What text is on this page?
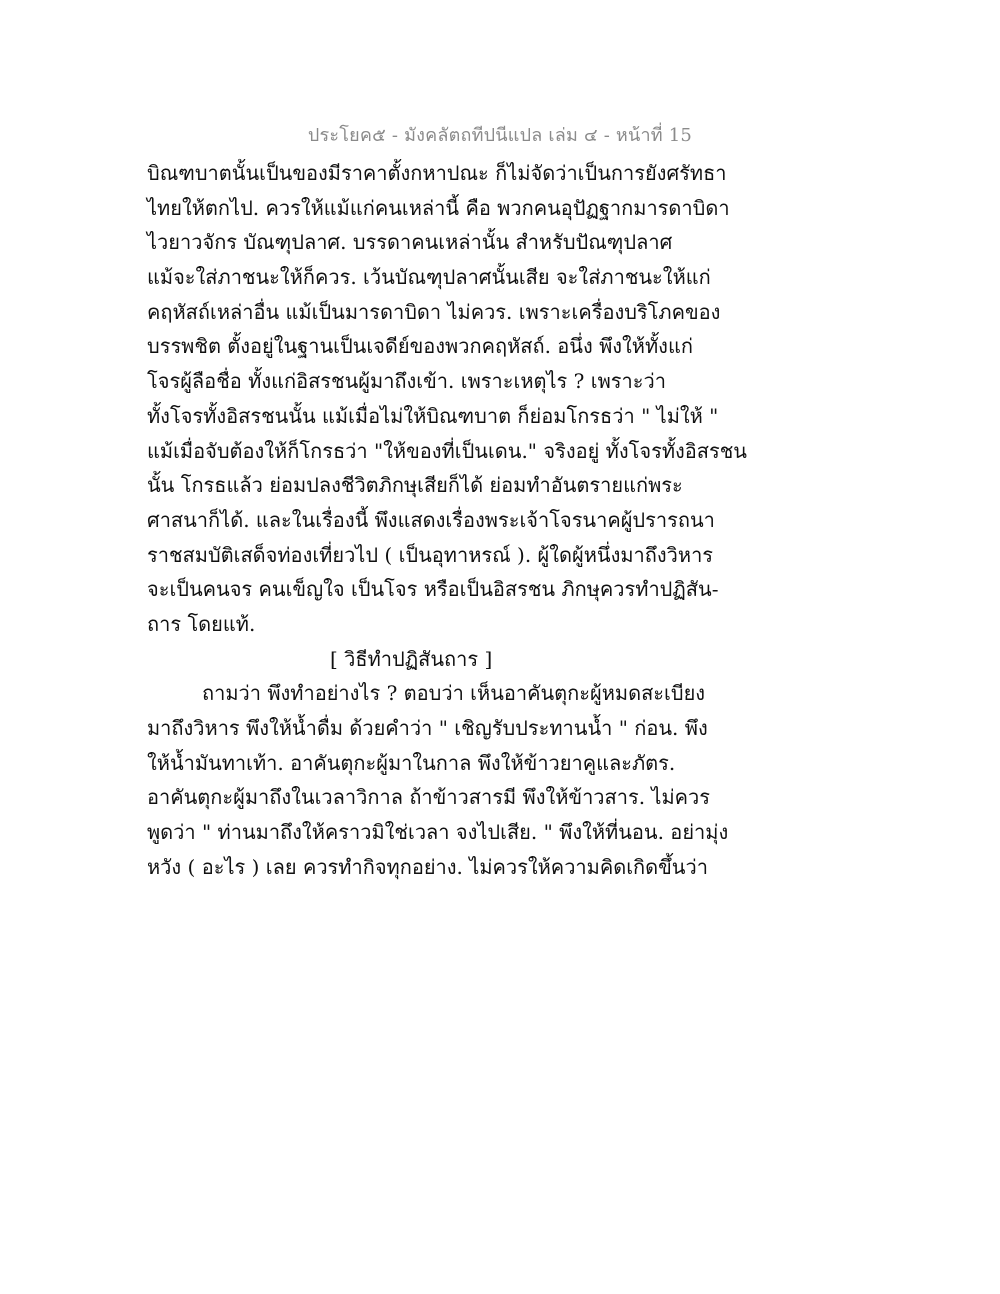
ประโยค๕ - มังคลัตถทีปนีแปล เล่ม ๔ - หน้าที่ 15
บิณฑบาตนั้นเป็นของมีราคาตั้งกหาปณะ ก็ไม่จัดว่าเป็นการยังศรัทธา
ไทยให้ตกไป. ควรให้แม้แก่คนเหล่านี้ คือ พวกคนอุปัฏฐากมารดาบิดา
ไวยาวจักร บัณฑุปลาศ. บรรดาคนเหล่านั้น สำหรับปัณฑุปลาศ
แม้จะใส่ภาชนะให้ก็ควร. เว้นบัณฑุปลาศนั้นเสีย จะใส่ภาชนะให้แก่
คฤหัสถ์เหล่าอื่น แม้เป็นมารดาบิดา ไม่ควร. เพราะเครื่องบริโภคของ
บรรพชิต ตั้งอยู่ในฐานเป็นเจดีย์ของพวกคฤหัสถ์. อนึ่ง พึงให้ทั้งแก่
โจรผู้ลือชื่อ ทั้งแก่อิสรชนผู้มาถึงเข้า. เพราะเหตุไร ? เพราะว่า
ทั้งโจรทั้งอิสรชนนั้น แม้เมื่อไม่ให้บิณฑบาต ก็ย่อมโกรธว่า " ไม่ให้ "
แม้เมื่อจับต้องให้ก็โกรธว่า "ให้ของที่เป็นเดน." จริงอยู่ ทั้งโจรทั้งอิสรชน
นั้น โกรธแล้ว ย่อมปลงชีวิตภิกษุเสียก็ได้ ย่อมทำอันตรายแก่พระ
ศาสนาก็ได้. และในเรื่องนี้ พึงแสดงเรื่องพระเจ้าโจรนาคผู้ปรารถนา
ราชสมบัติเสด็จท่องเที่ยวไป ( เป็นอุทาหรณ์ ). ผู้ใดผู้หนึ่งมาถึงวิหาร
จะเป็นคนจร คนเข็ญใจ เป็นโจร หรือเป็นอิสรชน ภิกษุควรทำปฏิสัน-
ถาร โดยแท้.
[ วิธีทำปฏิสันถาร ]
ถามว่า พึงทำอย่างไร ? ตอบว่า เห็นอาคันตุกะผู้หมดสะเบียง
มาถึงวิหาร พึงให้น้ำดื่ม ด้วยคำว่า " เชิญรับประทานน้ำ " ก่อน. พึง
ให้น้ำมันทาเท้า. อาคันตุกะผู้มาในกาล พึงให้ข้าวยาคูและภัตร.
อาคันตุกะผู้มาถึงในเวลาวิกาล ถ้าข้าวสารมี พึงให้ข้าวสาร. ไม่ควร
พูดว่า " ท่านมาถึงให้คราวมิใช่เวลา จงไปเสีย. " พึงให้ที่นอน. อย่ามุ่ง
หวัง ( อะไร ) เลย ควรทำกิจทุกอย่าง. ไม่ควรให้ความคิดเกิดขึ้นว่า
